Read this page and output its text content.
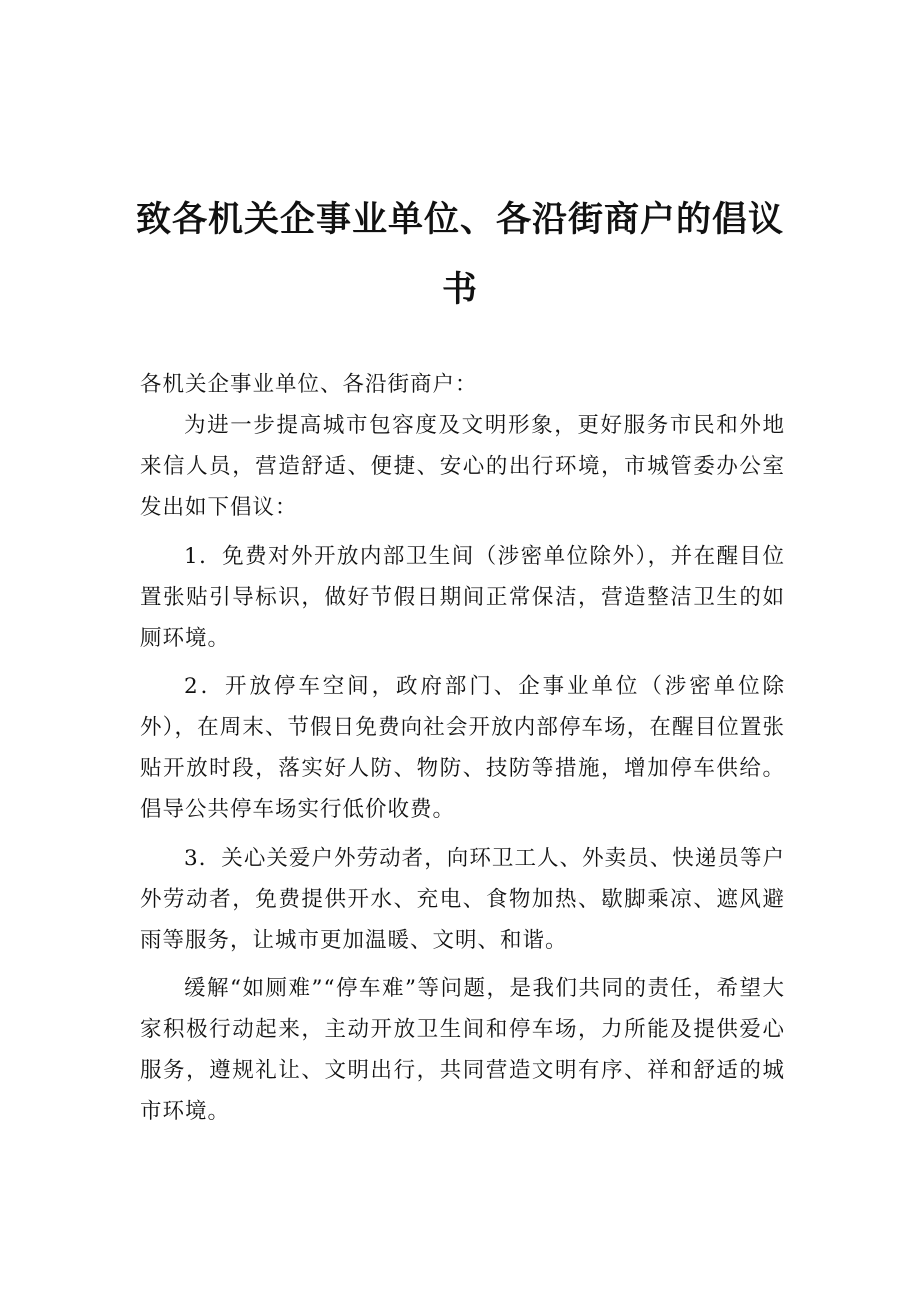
致各机关企事业单位、各沿街商户的倡议
书
各机关企事业单位、各沿街商户：

为进一步提高城市包容度及文明形象，更好服务市民和外地来信人员，营造舒适、便捷、安心的出行环境，市城管委办公室发出如下倡议：

1．免费对外开放内部卫生间（涉密单位除外），并在醒目位置张贴引导标识，做好节假日期间正常保洁，营造整洁卫生的如厕环境。

2．开放停车空间，政府部门、企事业单位（涉密单位除外），在周末、节假日免费向社会开放内部停车场，在醒目位置张贴开放时段，落实好人防、物防、技防等措施，增加停车供给。倡导公共停车场实行低价收费。

3．关心关爱户外劳动者，向环卫工人、外卖员、快递员等户外劳动者，免费提供开水、充电、食物加热、歇脚乘凉、遮风避雨等服务，让城市更加温暖、文明、和谐。

缓解“如厕难”“停车难”等问题，是我们共同的责任，希望大家积极行动起来，主动开放卫生间和停车场，力所能及提供爱心服务，遵规礼让、文明出行，共同营造文明有序、祥和舒适的城市环境。
